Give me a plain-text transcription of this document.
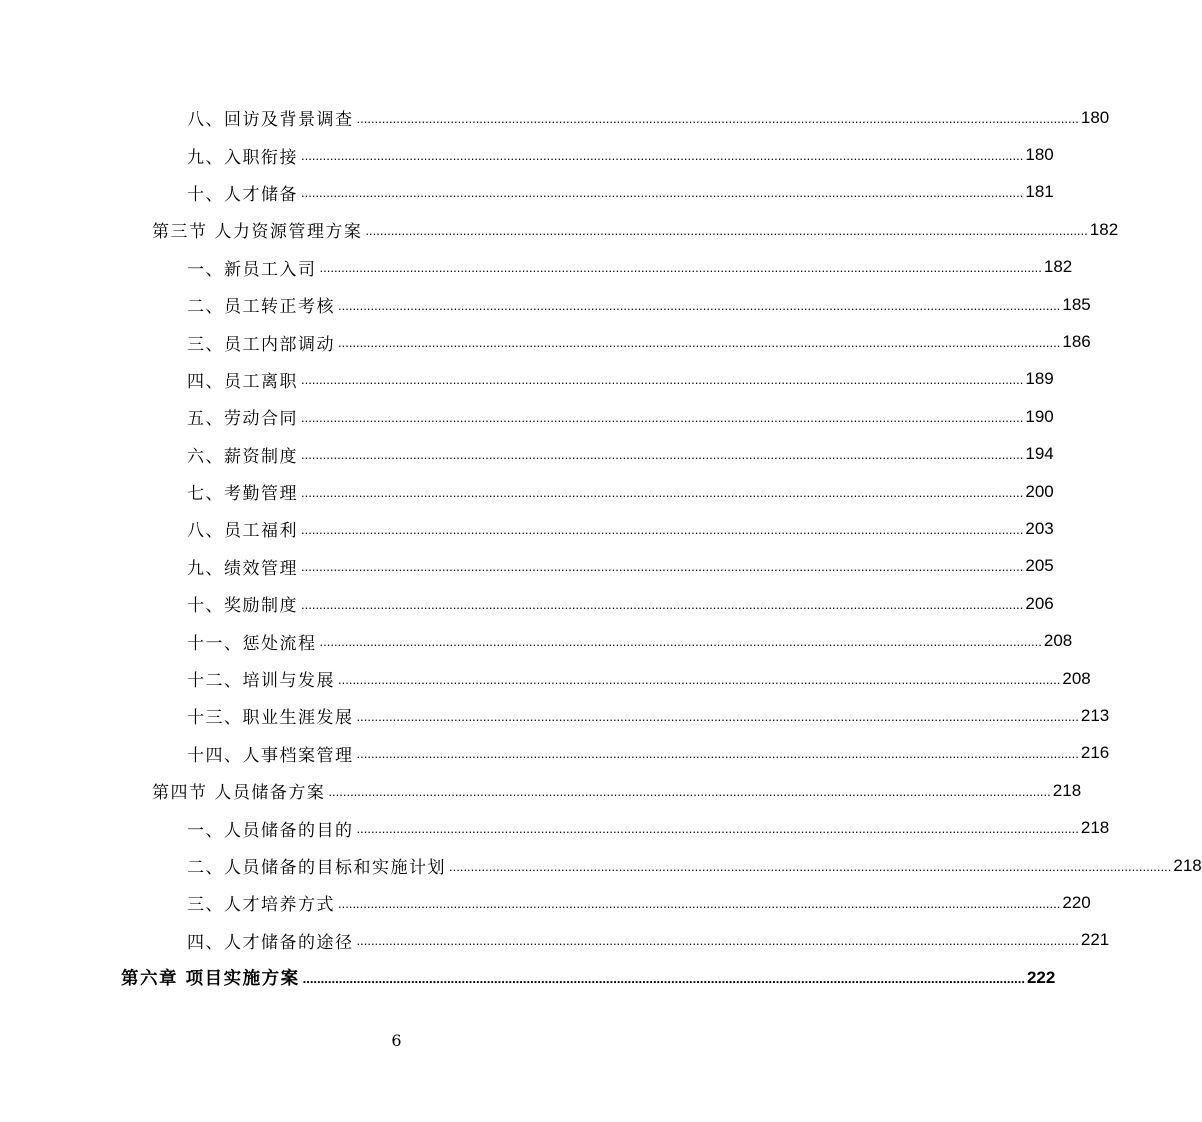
八、回访及背景调查 ........................................................................................................................................................................................................ 180
九、入职衔接 ........................................................................................................................................................................................................ 180
十、人才储备 ........................................................................................................................................................................................................ 181
第三节 人力资源管理方案 ........................................................................................................................................................................................................ 182
一、新员工入司 ........................................................................................................................................................................................................ 182
二、员工转正考核 ........................................................................................................................................................................................................ 185
三、员工内部调动 ........................................................................................................................................................................................................ 186
四、员工离职 ........................................................................................................................................................................................................ 189
五、劳动合同 ........................................................................................................................................................................................................ 190
六、薪资制度 ........................................................................................................................................................................................................ 194
七、考勤管理 ........................................................................................................................................................................................................ 200
八、员工福利 ........................................................................................................................................................................................................ 203
九、绩效管理 ........................................................................................................................................................................................................ 205
十、奖励制度 ........................................................................................................................................................................................................ 206
十一、惩处流程 ........................................................................................................................................................................................................ 208
十二、培训与发展 ........................................................................................................................................................................................................ 208
十三、职业生涯发展 ........................................................................................................................................................................................................ 213
十四、人事档案管理 ........................................................................................................................................................................................................ 216
第四节 人员储备方案 ........................................................................................................................................................................................................ 218
一、人员储备的目的 ........................................................................................................................................................................................................ 218
二、人员储备的目标和实施计划 ........................................................................................................................................................................................................ 218
三、人才培养方式 ........................................................................................................................................................................................................ 220
四、人才储备的途径 ........................................................................................................................................................................................................ 221
第六章 项目实施方案 ........................................................................................................................................................................................................ 222
6
